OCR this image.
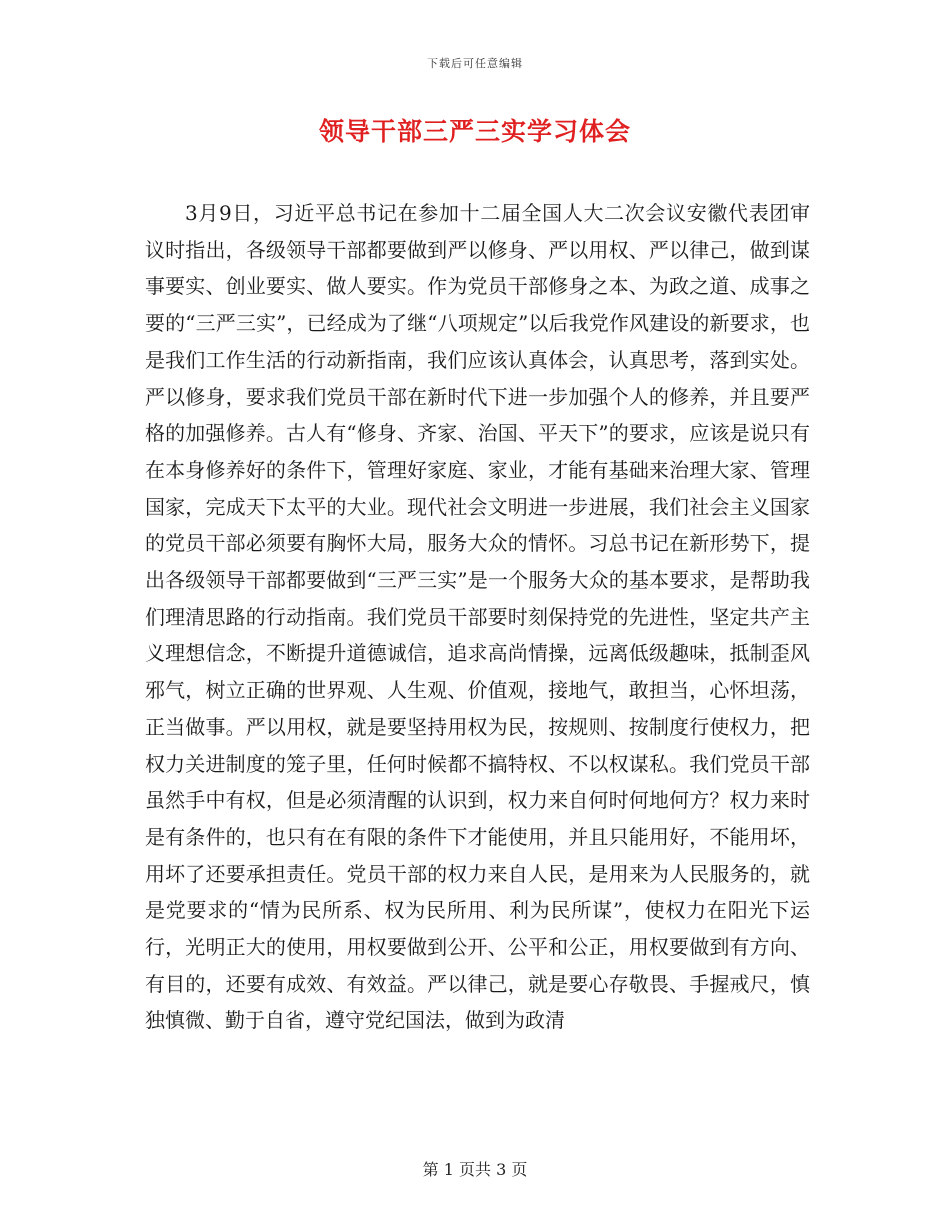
下载后可任意编辑
领导干部三严三实学习体会
3月9日，习近平总书记在参加十二届全国人大二次会议安徽代表团审议时指出，各级领导干部都要做到严以修身、严以用权、严以律己，做到谋事要实、创业要实、做人要实。作为党员干部修身之本、为政之道、成事之要的“三严三实”，已经成为了继“八项规定”以后我党作风建设的新要求，也是我们工作生活的行动新指南，我们应该认真体会，认真思考，落到实处。严以修身，要求我们党员干部在新时代下进一步加强个人的修养，并且要严格的加强修养。古人有“修身、齐家、治国、平天下”的要求，应该是说只有在本身修养好的条件下，管理好家庭、家业，才能有基础来治理大家、管理国家，完成天下太平的大业。现代社会文明进一步进展，我们社会主义国家的党员干部必须要有胸怀大局，服务大众的情怀。习总书记在新形势下，提出各级领导干部都要做到“三严三实”是一个服务大众的基本要求，是帮助我们理清思路的行动指南。我们党员干部要时刻保持党的先进性，坚定共产主义理想信念，不断提升道德诚信，追求高尚情操，远离低级趣味，抵制歪风邪气，树立正确的世界观、人生观、价值观，接地气，敢担当，心怀坦荡，正当做事。严以用权，就是要坚持用权为民，按规则、按制度行使权力，把权力关进制度的笼子里，任何时候都不搞特权、不以权谋私。我们党员干部虽然手中有权，但是必须清醒的认识到，权力来自何时何地何方？权力来时是有条件的，也只有在有限的条件下才能使用，并且只能用好，不能用坏，用坏了还要承担责任。党员干部的权力来自人民，是用来为人民服务的，就是党要求的“情为民所系、权为民所用、利为民所谋”，使权力在阳光下运行，光明正大的使用，用权要做到公开、公平和公正，用权要做到有方向、有目的，还要有成效、有效益。严以律己，就是要心存敬畏、手握戒尺，慎独慎微、勤于自省，遵守党纪国法，做到为政清
第 1 页共 3 页
